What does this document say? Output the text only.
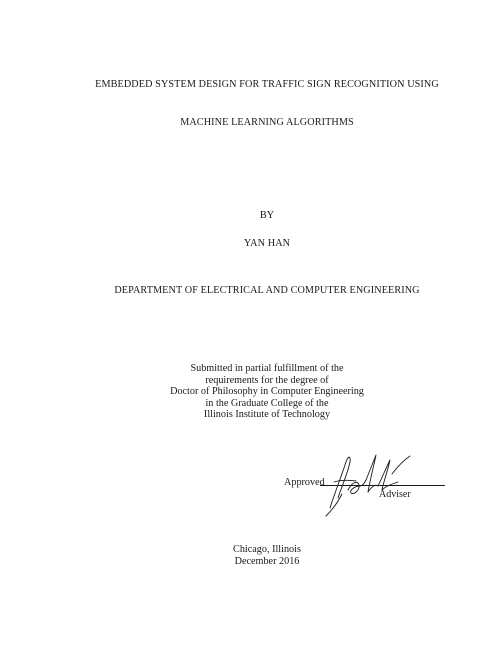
EMBEDDED SYSTEM DESIGN FOR TRAFFIC SIGN RECOGNITION USING
MACHINE LEARNING ALGORITHMS
BY
YAN HAN
DEPARTMENT OF ELECTRICAL AND COMPUTER ENGINEERING
Submitted in partial fulfillment of the
requirements for the degree of
Doctor of Philosophy in Computer Engineering
in the Graduate College of the
Illinois Institute of Technology
Approved
Adviser
Chicago, Illinois
December 2016
